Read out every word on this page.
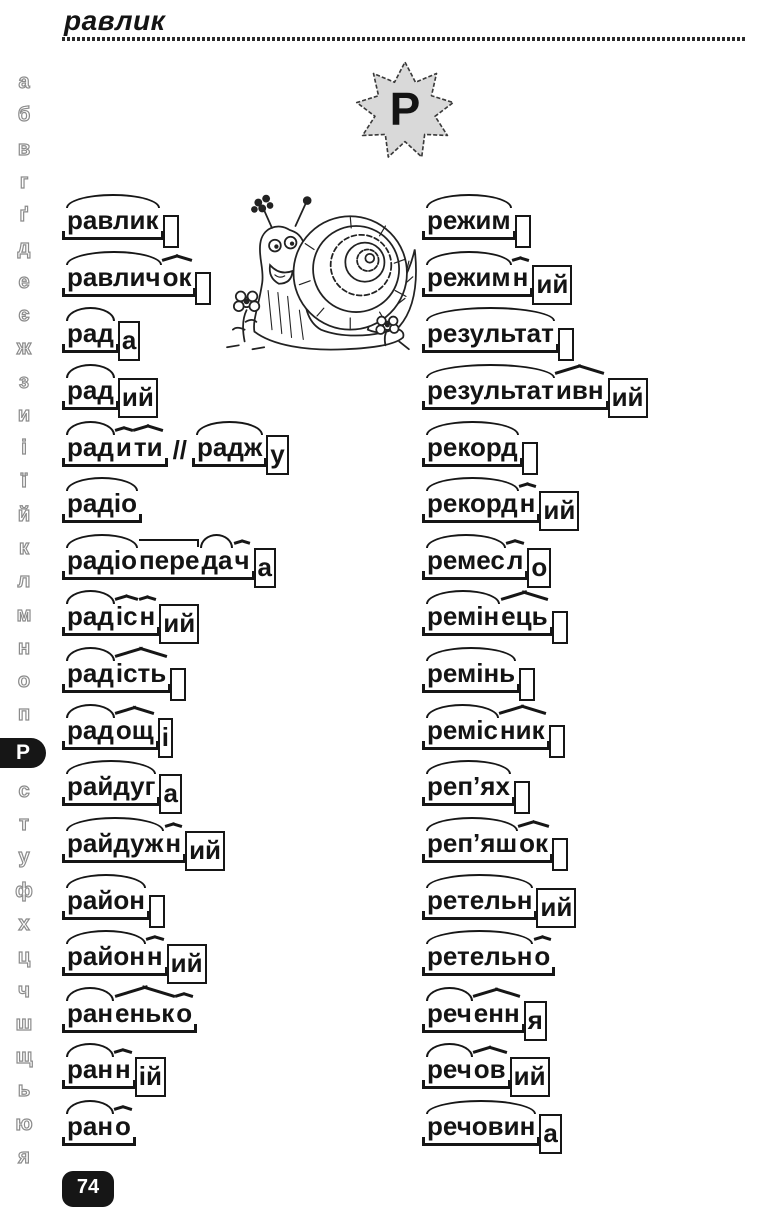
равлик
а
б
в
г
ґ
д
е
є
ж
з
и
і
ї
й
к
л
м
н
о
п
Р
с
т
у
ф
х
ц
ч
ш
щ
ь
ю
я
Р
равлик
равлич ок
рад а
рад ий
рад и ти // радж у
радіо
радіо пере да ч а
рад іс н ий
рад ість
рад ощ і
райдуг а
райдуж н ий
район
район н ий
ран еньк о
ран н ій
ран о
режим
режим н ий
результат
результат ивн ий
рекорд
рекорд н ий
ремес л о
ремін ець
ремінь
реміс ник
реп’ях
реп’яш ок
ретельн ий
ретельн о
реч енн я
реч ов ий
речовин а
74
